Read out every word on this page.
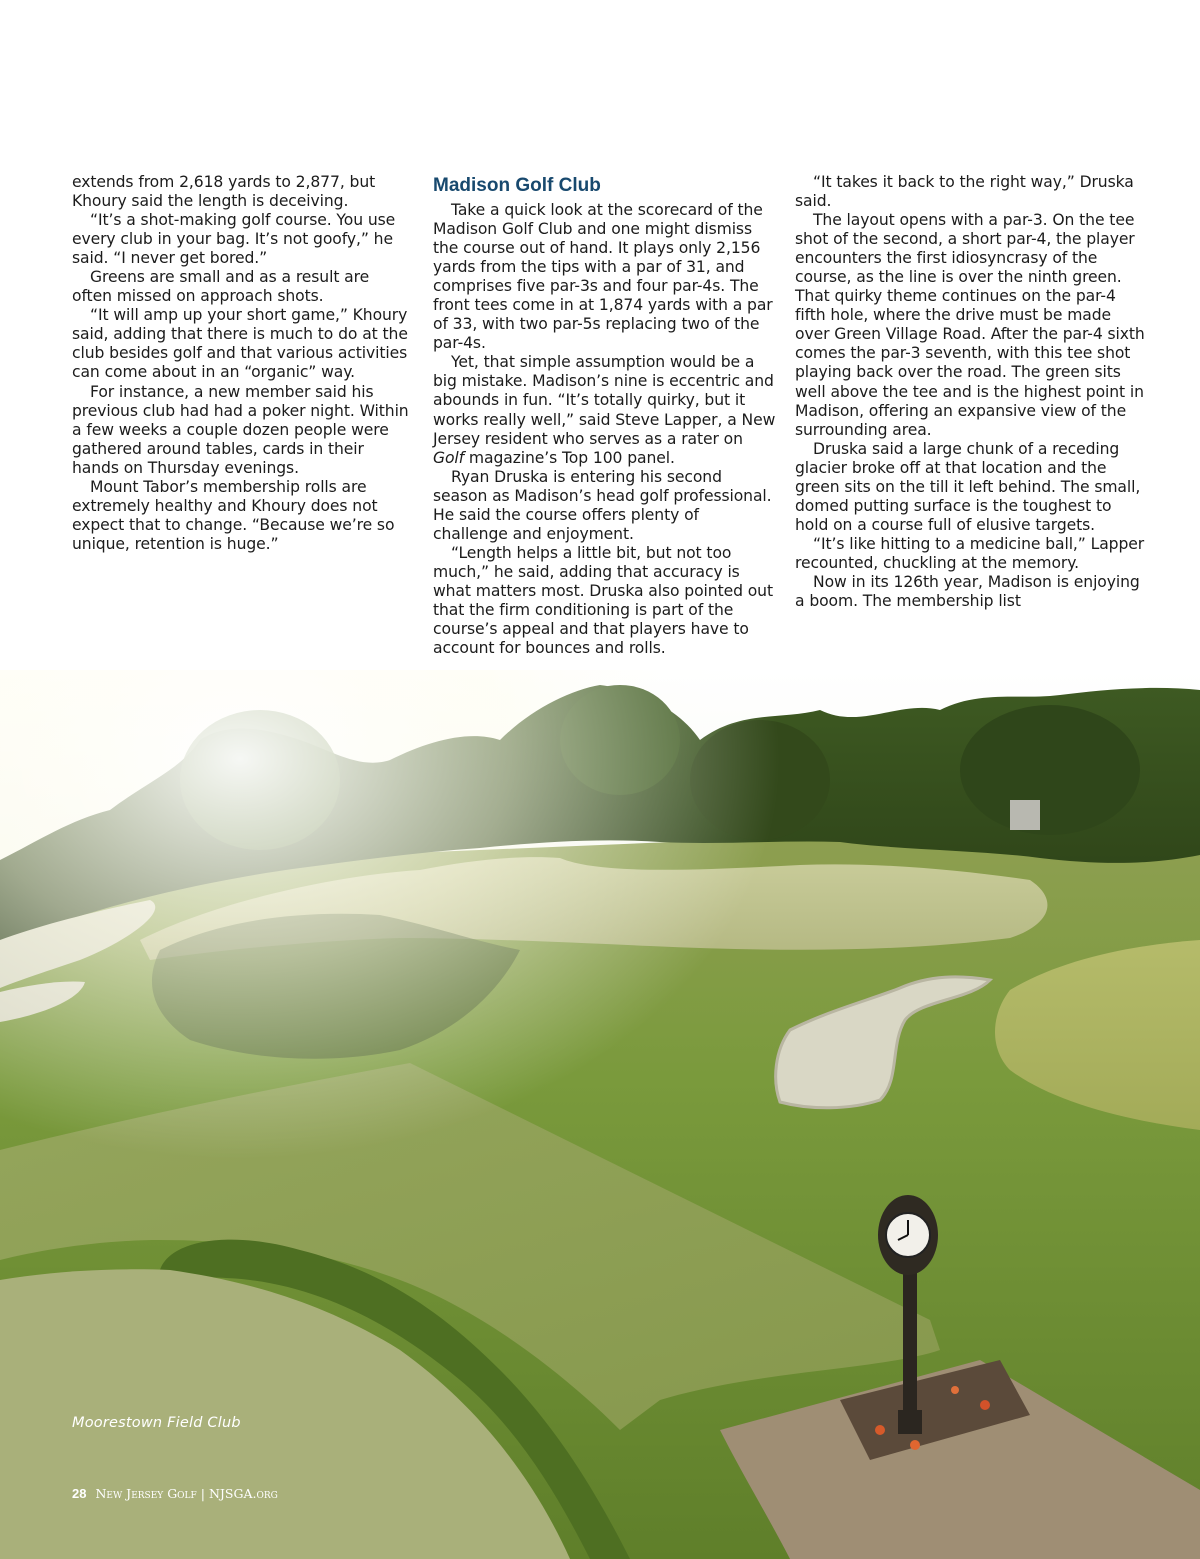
extends from 2,618 yards to 2,877, but Khoury said the length is deceiving.

“It’s a shot-making golf course. You use every club in your bag. It’s not goofy,” he said. “I never get bored.”

Greens are small and as a result are often missed on approach shots.

“It will amp up your short game,” Khoury said, adding that there is much to do at the club besides golf and that various activities can come about in an “organic” way.

For instance, a new member said his previous club had had a poker night. Within a few weeks a couple dozen people were gathered around tables, cards in their hands on Thursday evenings.

Mount Tabor’s membership rolls are extremely healthy and Khoury does not expect that to change. “Because we’re so unique, retention is huge.”

Madison Golf Club

Take a quick look at the scorecard of the Madison Golf Club and one might dismiss the course out of hand. It plays only 2,156 yards from the tips with a par of 31, and comprises five par-3s and four par-4s. The front tees come in at 1,874 yards with a par of 33, with two par-5s replacing two of the par-4s.

Yet, that simple assumption would be a big mistake. Madison’s nine is eccentric and abounds in fun. “It’s totally quirky, but it works really well,” said Steve Lapper, a New Jersey resident who serves as a rater on Golf magazine’s Top 100 panel.

Ryan Druska is entering his second season as Madison’s head golf professional. He said the course offers plenty of challenge and enjoyment.

“Length helps a little bit, but not too much,” he said, adding that accuracy is what matters most. Druska also pointed out that the firm conditioning is part of the course’s appeal and that players have to account for bounces and rolls.

“It takes it back to the right way,” Druska said.

The layout opens with a par-3. On the tee shot of the second, a short par-4, the player encounters the first idiosyncrasy of the course, as the line is over the ninth green. That quirky theme continues on the par-4 fifth hole, where the drive must be made over Green Village Road. After the par-4 sixth comes the par-3 seventh, with this tee shot playing back over the road. The green sits well above the tee and is the highest point in Madison, offering an expansive view of the surrounding area.

Druska said a large chunk of a receding glacier broke off at that location and the green sits on the till it left behind. The small, domed putting surface is the toughest to hold on a course full of elusive targets.

“It’s like hitting to a medicine ball,” Lapper recounted, chuckling at the memory.

Now in its 126th year, Madison is enjoying a boom. The membership list

Moorestown Field Club
28 New Jersey Golf | NJSGA.org
